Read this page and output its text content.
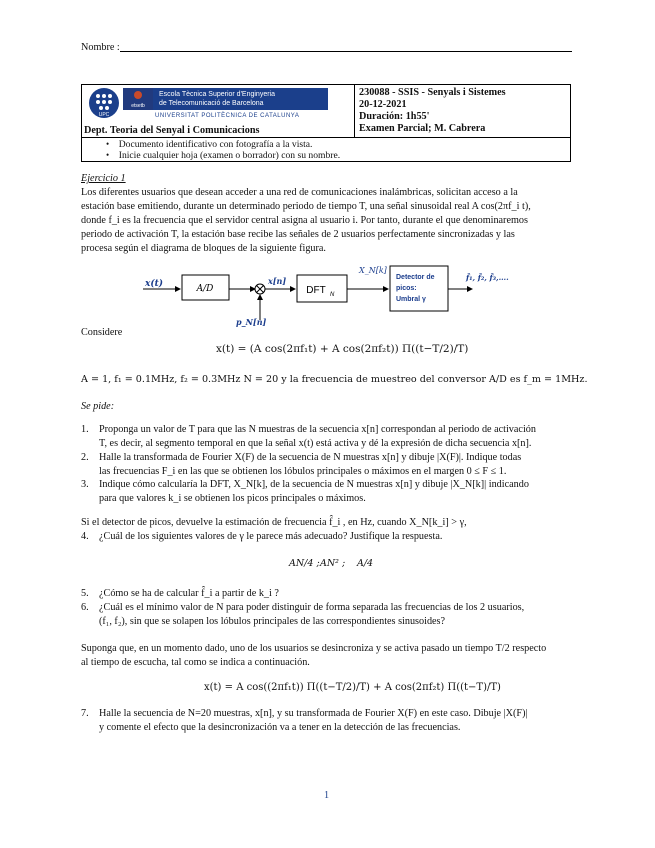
Nombre :
UPC
etsetb
Escola Tècnica Superior d'Enginyeria
de Telecomunicació de Barcelona
UNIVERSITAT POLITÈCNICA DE CATALUNYA
Dept. Teoria del Senyal i Comunicacions
230088 - SSIS - Senyals i Sistemes
20-12-2021
Duración: 1h55'
Examen Parcial; M. Cabrera
• Documento identificativo con fotografía a la vista.
• Inicie cualquier hoja (examen o borrador) con su nombre.
Ejercicio 1
Los diferentes usuarios que desean acceder a una red de comunicaciones inalámbricas, solicitan acceso a la
estación base emitiendo, durante un determinado periodo de tiempo T, una señal sinusoidal real A cos(2πf_i t),
donde f_i es la frecuencia que el servidor central asigna al usuario i. Por tanto, durante el que denominaremos
periodo de activación T, la estación base recibe las señales de 2 usuarios perfectamente sincronizadas y las
procesa según el diagrama de bloques de la siguiente figura.
x(t)	A/D
p_N[n]
x[n]
DFT N
X_N[k]
Detector de
picos:
Umbral γ
f̂₁, f̂₂, f̂₃,….
Considere
x(t) = (A cos(2πf₁t) + A cos(2πf₂t)) Π((t−T/2)/T)
A = 1, f₁ = 0.1MHz, f₂ = 0.3MHz N = 20 y la frecuencia de muestreo del conversor A/D es f_m = 1MHz.
Se pide:
1. Proponga un valor de T para que las N muestras de la secuencia x[n] correspondan al periodo de activación
T, es decir, al segmento temporal en que la señal x(t) está activa y dé la expresión de dicha secuencia x[n].
2. Halle la transformada de Fourier X(F) de la secuencia de N muestras x[n] y dibuje |X(F)|. Indique todas
las frecuencias F_i en las que se obtienen los lóbulos principales o máximos en el margen 0 ≤ F ≤ 1.
3. Indique cómo calcularía la DFT, X_N[k], de la secuencia de N muestras x[n] y dibuje |X_N[k]| indicando
para que valores k_i se obtienen los picos principales o máximos.
Si el detector de picos, devuelve la estimación de frecuencia f̂_i , en Hz, cuando X_N[k_i] > γ,
4. ¿Cuál de los siguientes valores de γ le parece más adecuado? Justifique la respuesta.
AN/4 ; AN² ; A/4
5. ¿Cómo se ha de calcular f̂_i a partir de k_i ?
6. ¿Cuál es el mínimo valor de N para poder distinguir de forma separada las frecuencias de los 2 usuarios,
(f₁, f₂), sin que se solapen los lóbulos principales de las correspondientes sinusoides?
Suponga que, en un momento dado, uno de los usuarios se desincroniza y se activa pasado un tiempo T/2 respecto
al tiempo de escucha, tal como se indica a continuación.
x(t) = A cos((2πf₁t)) Π((t−T/2)/T) + A cos(2πf₂t) Π((t−T)/T)
7. Halle la secuencia de N=20 muestras, x[n], y su transformada de Fourier X(F) en este caso. Dibuje |X(F)|
y comente el efecto que la desincronización va a tener en la detección de las frecuencias.
1
